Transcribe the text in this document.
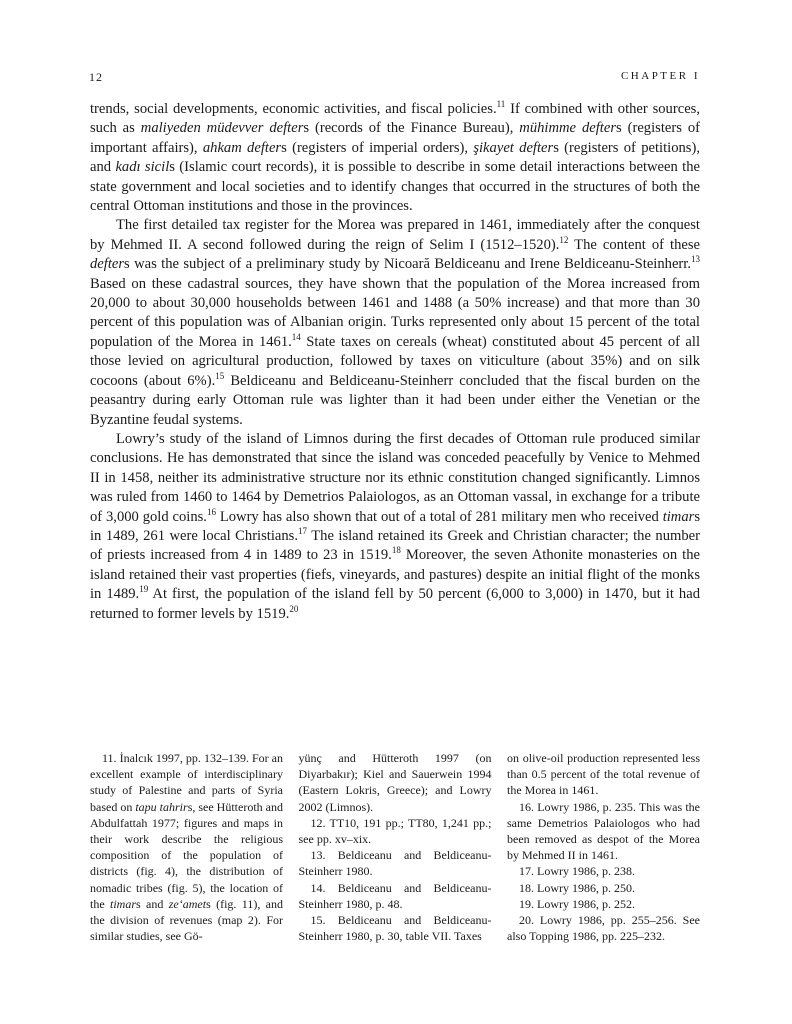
12	CHAPTER I

trends, social developments, economic activities, and fiscal policies.$^{11}$ If combined with other sources, such as maliyeden müdevver defters (records of the Finance Bureau), mühimme defters (registers of important affairs), ahkam defters (registers of imperial orders), şikayet defters (registers of petitions), and kadı sicils (Islamic court records), it is possible to describe in some detail interactions between the state government and local societies and to identify changes that occurred in the structures of both the central Ottoman institutions and those in the provinces.

The first detailed tax register for the Morea was prepared in 1461, immediately after the conquest by Mehmed II. A second followed during the reign of Selim I (1512–1520).$^{12}$ The content of these defters was the subject of a preliminary study by Nicoară Beldiceanu and Irene Beldiceanu-Steinherr.$^{13}$ Based on these cadastral sources, they have shown that the population of the Morea increased from 20,000 to about 30,000 households between 1461 and 1488 (a 50% increase) and that more than 30 percent of this population was of Albanian origin. Turks represented only about 15 percent of the total population of the Morea in 1461.14 State taxes on cereals (wheat) constituted about 45 percent of all those levied on agricultural production, followed by taxes on viticulture (about 35%) and on silk cocoons (about 6%).$^{15}$ Beldiceanu and Beldiceanu-Steinherr concluded that the fiscal burden on the peasantry during early Ottoman rule was lighter than it had been under either the Venetian or the Byzantine feudal systems.

Lowry’s study of the island of Limnos during the first decades of Ottoman rule produced similar conclusions. He has demonstrated that since the island was conceded peacefully by Venice to Mehmed II in 1458, neither its administrative structure nor its ethnic constitution changed significantly. Limnos was ruled from 1460 to 1464 by Demetrios Palaiologos, as an Ottoman vassal, in exchange for a tribute of 3,000 gold coins.$^{16}$ Lowry has also shown that out of a total of 281 military men who received timars in 1489, 261 were local Christians.$^{17}$ The island retained its Greek and Christian character; the number of priests increased from 4 in 1489 to 23 in 1519.18 Moreover, the seven Athonite monasteries on the island retained their vast properties (fiefs, vineyards, and pastures) despite an initial flight of the monks in 1489.19 At first, the population of the island fell by 50 percent (6,000 to 3,000) in 1470, but it had returned to former levels by 1519.20

11. İnalcık 1997, pp. 132–139. For an excellent example of interdisciplinary study of Palestine and parts of Syria based on tapu tahrirs, see Hütteroth and Abdulfattah 1977; figures and maps in their work describe the religious composition of the population of districts (fig. 4), the distribution of nomadic tribes (fig. 5), the location of the timars and ze‘amets (fig. 11), and the division of revenues (map 2). For similar studies, see Gö-

yünç and Hütteroth 1997 (on Diyarbakır); Kiel and Sauerwein 1994 (Eastern Lokris, Greece); and Lowry 2002 (Limnos).

12. TT10, 191 pp.; TT80, 1,241 pp.; see pp. xv–xix.

13. Beldiceanu and Beldiceanu-Steinherr 1980.

14. Beldiceanu and Beldiceanu-Steinherr 1980, p. 48.

15. Beldiceanu and Beldiceanu-Steinherr 1980, p. 30, table VII. Taxes

on olive-oil production represented less than 0.5 percent of the total revenue of the Morea in 1461.

16. Lowry 1986, p. 235. This was the same Demetrios Palaiologos who had been removed as despot of the Morea by Mehmed II in 1461.

17. Lowry 1986, p. 238.

18. Lowry 1986, p. 250.

19. Lowry 1986, p. 252.

20. Lowry 1986, pp. 255–256. See also Topping 1986, pp. 225–232.
